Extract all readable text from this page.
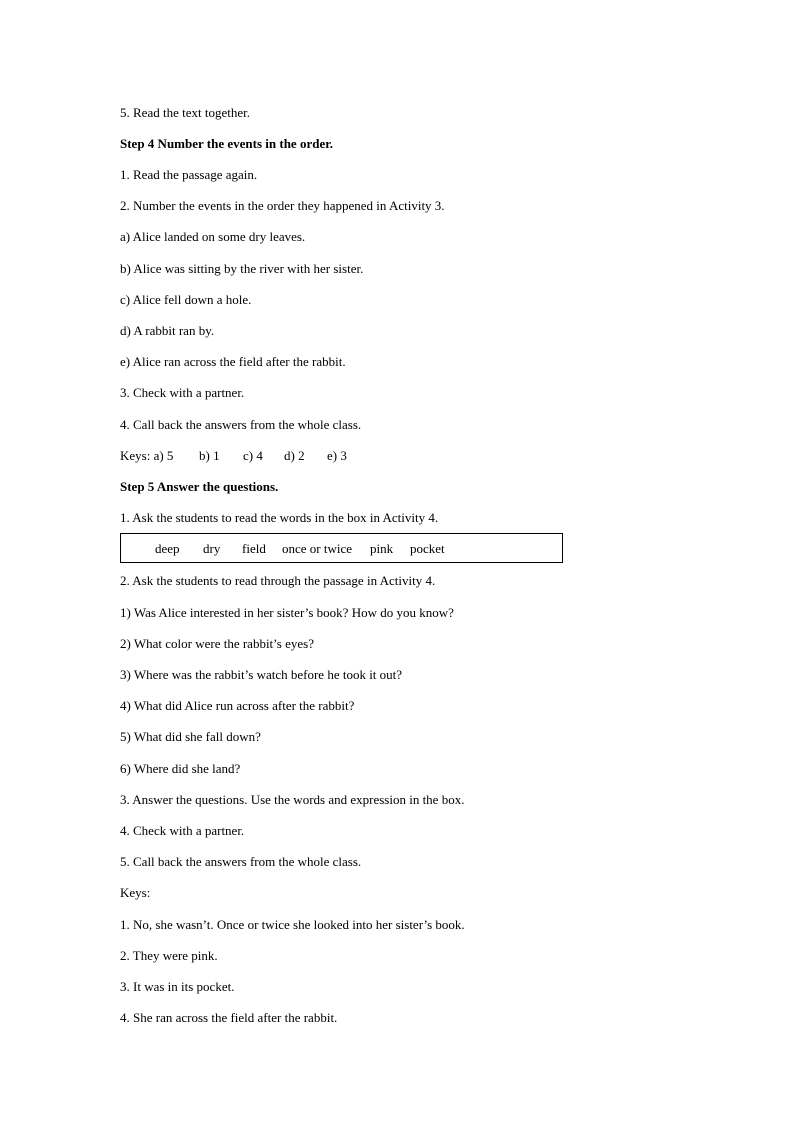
5. Read the text together.
Step 4 Number the events in the order.
1. Read the passage again.
2. Number the events in the order they happened in Activity 3.
a) Alice landed on some dry leaves.
b) Alice was sitting by the river with her sister.
c) Alice fell down a hole.
d) A rabbit ran by.
e) Alice ran across the field after the rabbit.
3. Check with a partner.
4. Call back the answers from the whole class.
Keys: a) 5 b) 1 c) 4 d) 2 e) 3
Step 5 Answer the questions.
1. Ask the students to read the words in the box in Activity 4.
deep dry field once or twice pink pocket
2. Ask the students to read through the passage in Activity 4.
1) Was Alice interested in her sister’s book? How do you know?
2) What color were the rabbit’s eyes?
3) Where was the rabbit’s watch before he took it out?
4) What did Alice run across after the rabbit?
5) What did she fall down?
6) Where did she land?
3. Answer the questions. Use the words and expression in the box.
4. Check with a partner.
5. Call back the answers from the whole class.
Keys:
1. No, she wasn’t. Once or twice she looked into her sister’s book.
2. They were pink.
3. It was in its pocket.
4. She ran across the field after the rabbit.
